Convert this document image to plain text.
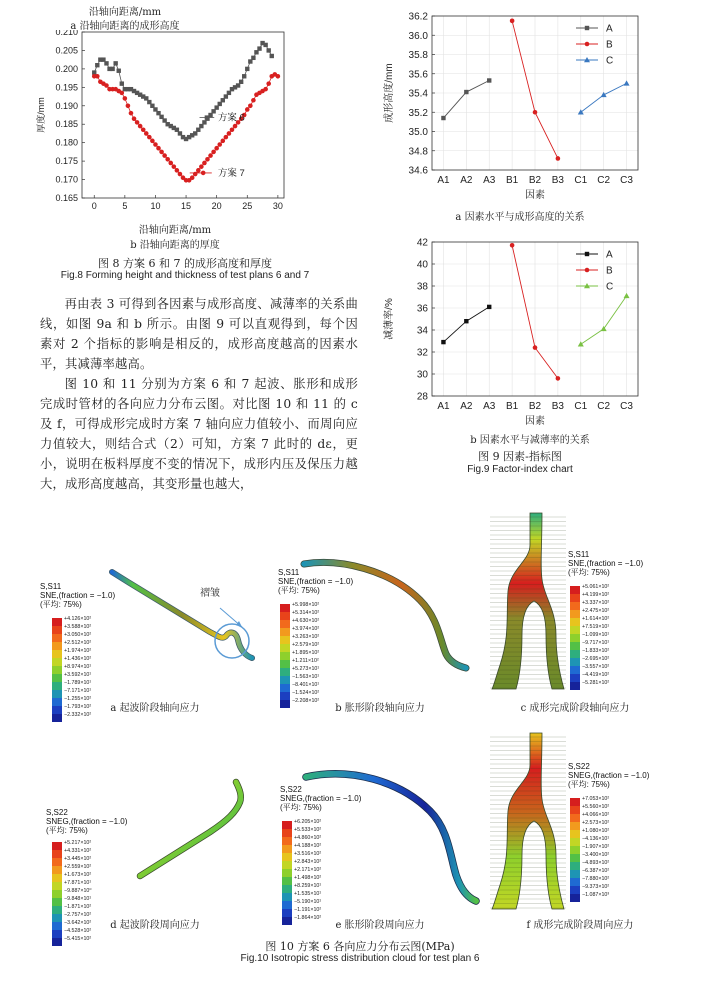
沿轴向距离/mm
a 沿轴向距离的成形高度
0.165
0.170
0.175
0.180
0.185
0.190
0.195
0.200
0.205
0.210
0	5	10 15 20 25 30
厚度/mm	方案 6
方案 7
沿轴向距离/mm
b 沿轴向距离的厚度
图 8 方案 6 和 7 的成形高度和厚度
Fig.8 Forming height and thickness of test plans 6 and 7

再由表 3 可得到各因素与成形高度、减薄率的关系曲线，如图 9a 和 b 所示。由图 9 可以直观得到，每个因素对 2 个指标的影响是相反的，成形高度越高的因素水平，其减薄率越高。

图 10 和 11 分别为方案 6 和 7 起波、胀形和成形完成时管材的各向应力分布云图。对比图 10 和 11 的 c 及 f，可得成形完成时方案 7 轴向应力值较小、而周向应力值较大，则结合式（2）可知，方案 7 此时的 dε，更小，说明在板料厚度不变的情况下，成形内压及保压力越大，成形高度越高，其变形量也越大，

34.6
34.8
35.0
35.2
35.4
35.6
35.8
36.0
36.2
A1 A2 A3 B1 B2 B3 C1 C2 C3
因素
成形高度/mm
A
B
C
a 因素水平与成形高度的关系
28
30
32
34
36
38
40
42
A1 A2 A3 B1 B2 B3 C1 C2 C3
因素
减薄率/%
A
B
C
b 因素水平与减薄率的关系
图 9 因素-指标图
Fig.9 Factor-index chart
S,S11
SNE,(fraction = −1.0)
(平均: 75%)
+4.126×10²
+3.588×10²
+3.050×10²
+2.512×10²
+1.974×10²
+1.436×10²
+8.974×10¹
+3.592×10¹
−1.789×10¹
−7.171×10¹
−1.255×10²
−1.793×10²
−2.332×10²
褶皱
a 起波阶段轴向应力
S,S11
SNE,(fraction = −1.0)
(平均: 75%)
+5.998×10²
+5.314×10²
+4.630×10²
+3.974×10²
+3.263×10²
+2.579×10²
+1.895×10²
+1.211×10²
+5.273×10¹
−1.563×10¹
−8.401×10¹
−1.524×10²
−2.208×10²
b 胀形阶段轴向应力
S,S11
SNE,(fraction = −1.0)
(平均: 75%)
+5.061×10²
+4.199×10²
+3.337×10²
+2.475×10²
+1.614×10²
+7.519×10¹
−1.099×10¹
−9.717×10¹
−1.833×10²
−2.695×10²
−3.557×10²
−4.419×10²
−5.281×10²
c 成形完成阶段轴向应力
S,S22
SNEG,(fraction = −1.0)
(平均: 75%)
+5.217×10²
+4.331×10²
+3.445×10²
+2.559×10²
+1.673×10²
+7.871×10¹
−9.887×10⁰
−9.848×10¹
−1.871×10²
−2.757×10²
−3.642×10²
−4.528×10²
−5.415×10²
d 起波阶段周向应力
S,S22
SNEG,(fraction = −1.0)
(平均: 75%)
+6.205×10²
+5.533×10²
+4.860×10²
+4.188×10²
+3.516×10²
+2.843×10²
+2.171×10²
+1.498×10²
+8.259×10¹
+1.535×10¹
−5.190×10¹
−1.191×10²
−1.864×10²
e 胀形阶段周向应力
S,S22
SNEG,(fraction = −1.0)
(平均: 75%)
+7.053×10²
+5.560×10²
+4.066×10²
+2.573×10²
+1.080×10²
−4.136×10¹
−1.907×10²
−3.400×10²
−4.893×10²
−6.387×10²
−7.880×10²
−9.373×10²
−1.087×10³
f 成形完成阶段周向应力
图 10 方案 6 各向应力分布云图(MPa)
Fig.10 Isotropic stress distribution cloud for test plan 6
